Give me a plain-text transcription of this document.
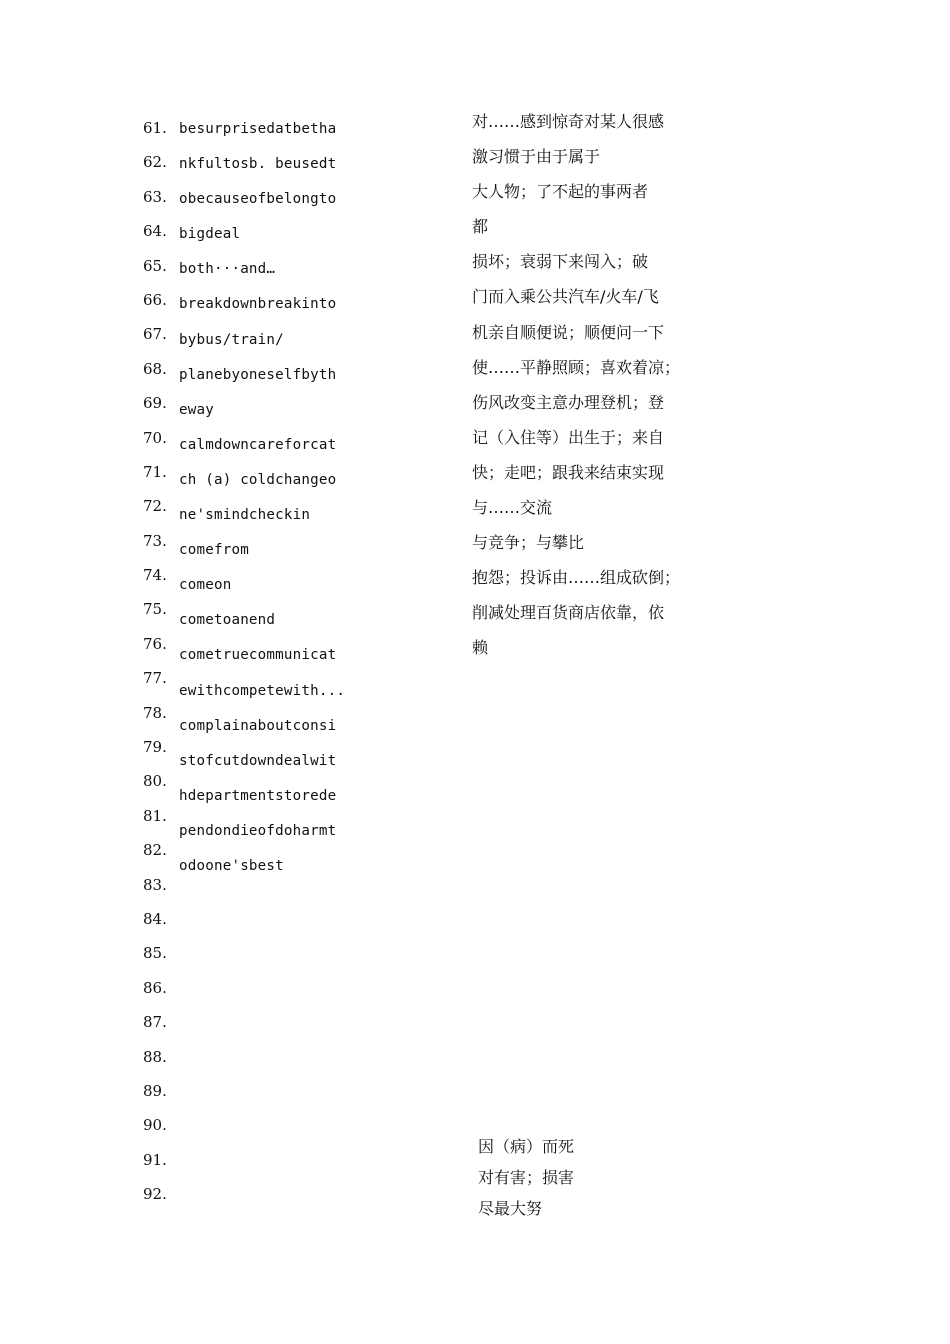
61.
62.
63.
64.
65.
66.
67.
68.
69.
70.
71.
72.
73.
74.
75.
76.
77.
78.
79.
80.
81.
82.
83.
84.
85.
86.
87.
88.
89.
90.
91.
92.
besurprisedatbetha
nkfultosb. beusedt
obecauseofbelongto
bigdeal
both···and…
breakdownbreakinto
bybus/train/
planebyoneselfbyth
eway
calmdowncareforcat
ch (a) coldchangeo
ne'smindcheckin
comefrom
comeon
cometoanend
cometruecommunicat
ewithcompetewith...
complainaboutconsi
stofcutdowndealwit
hdepartmentstorede
pendondieofdoharmt
odoone'sbest
对……感到惊奇对某人很感
激习惯于由于属于
大人物；了不起的事两者
都
损坏；衰弱下来闯入；破
门而入乘公共汽车/火车/飞
机亲自顺便说；顺便问一下
使……平静照顾；喜欢着凉；
伤风改变主意办理登机；登
记（入住等）出生于；来自
快；走吧；跟我来结束实现
与……交流
与竞争；与攀比
抱怨；投诉由……组成砍倒；
削减处理百货商店依靠，依
赖
因（病）而死
对有害；损害
尽最大努
